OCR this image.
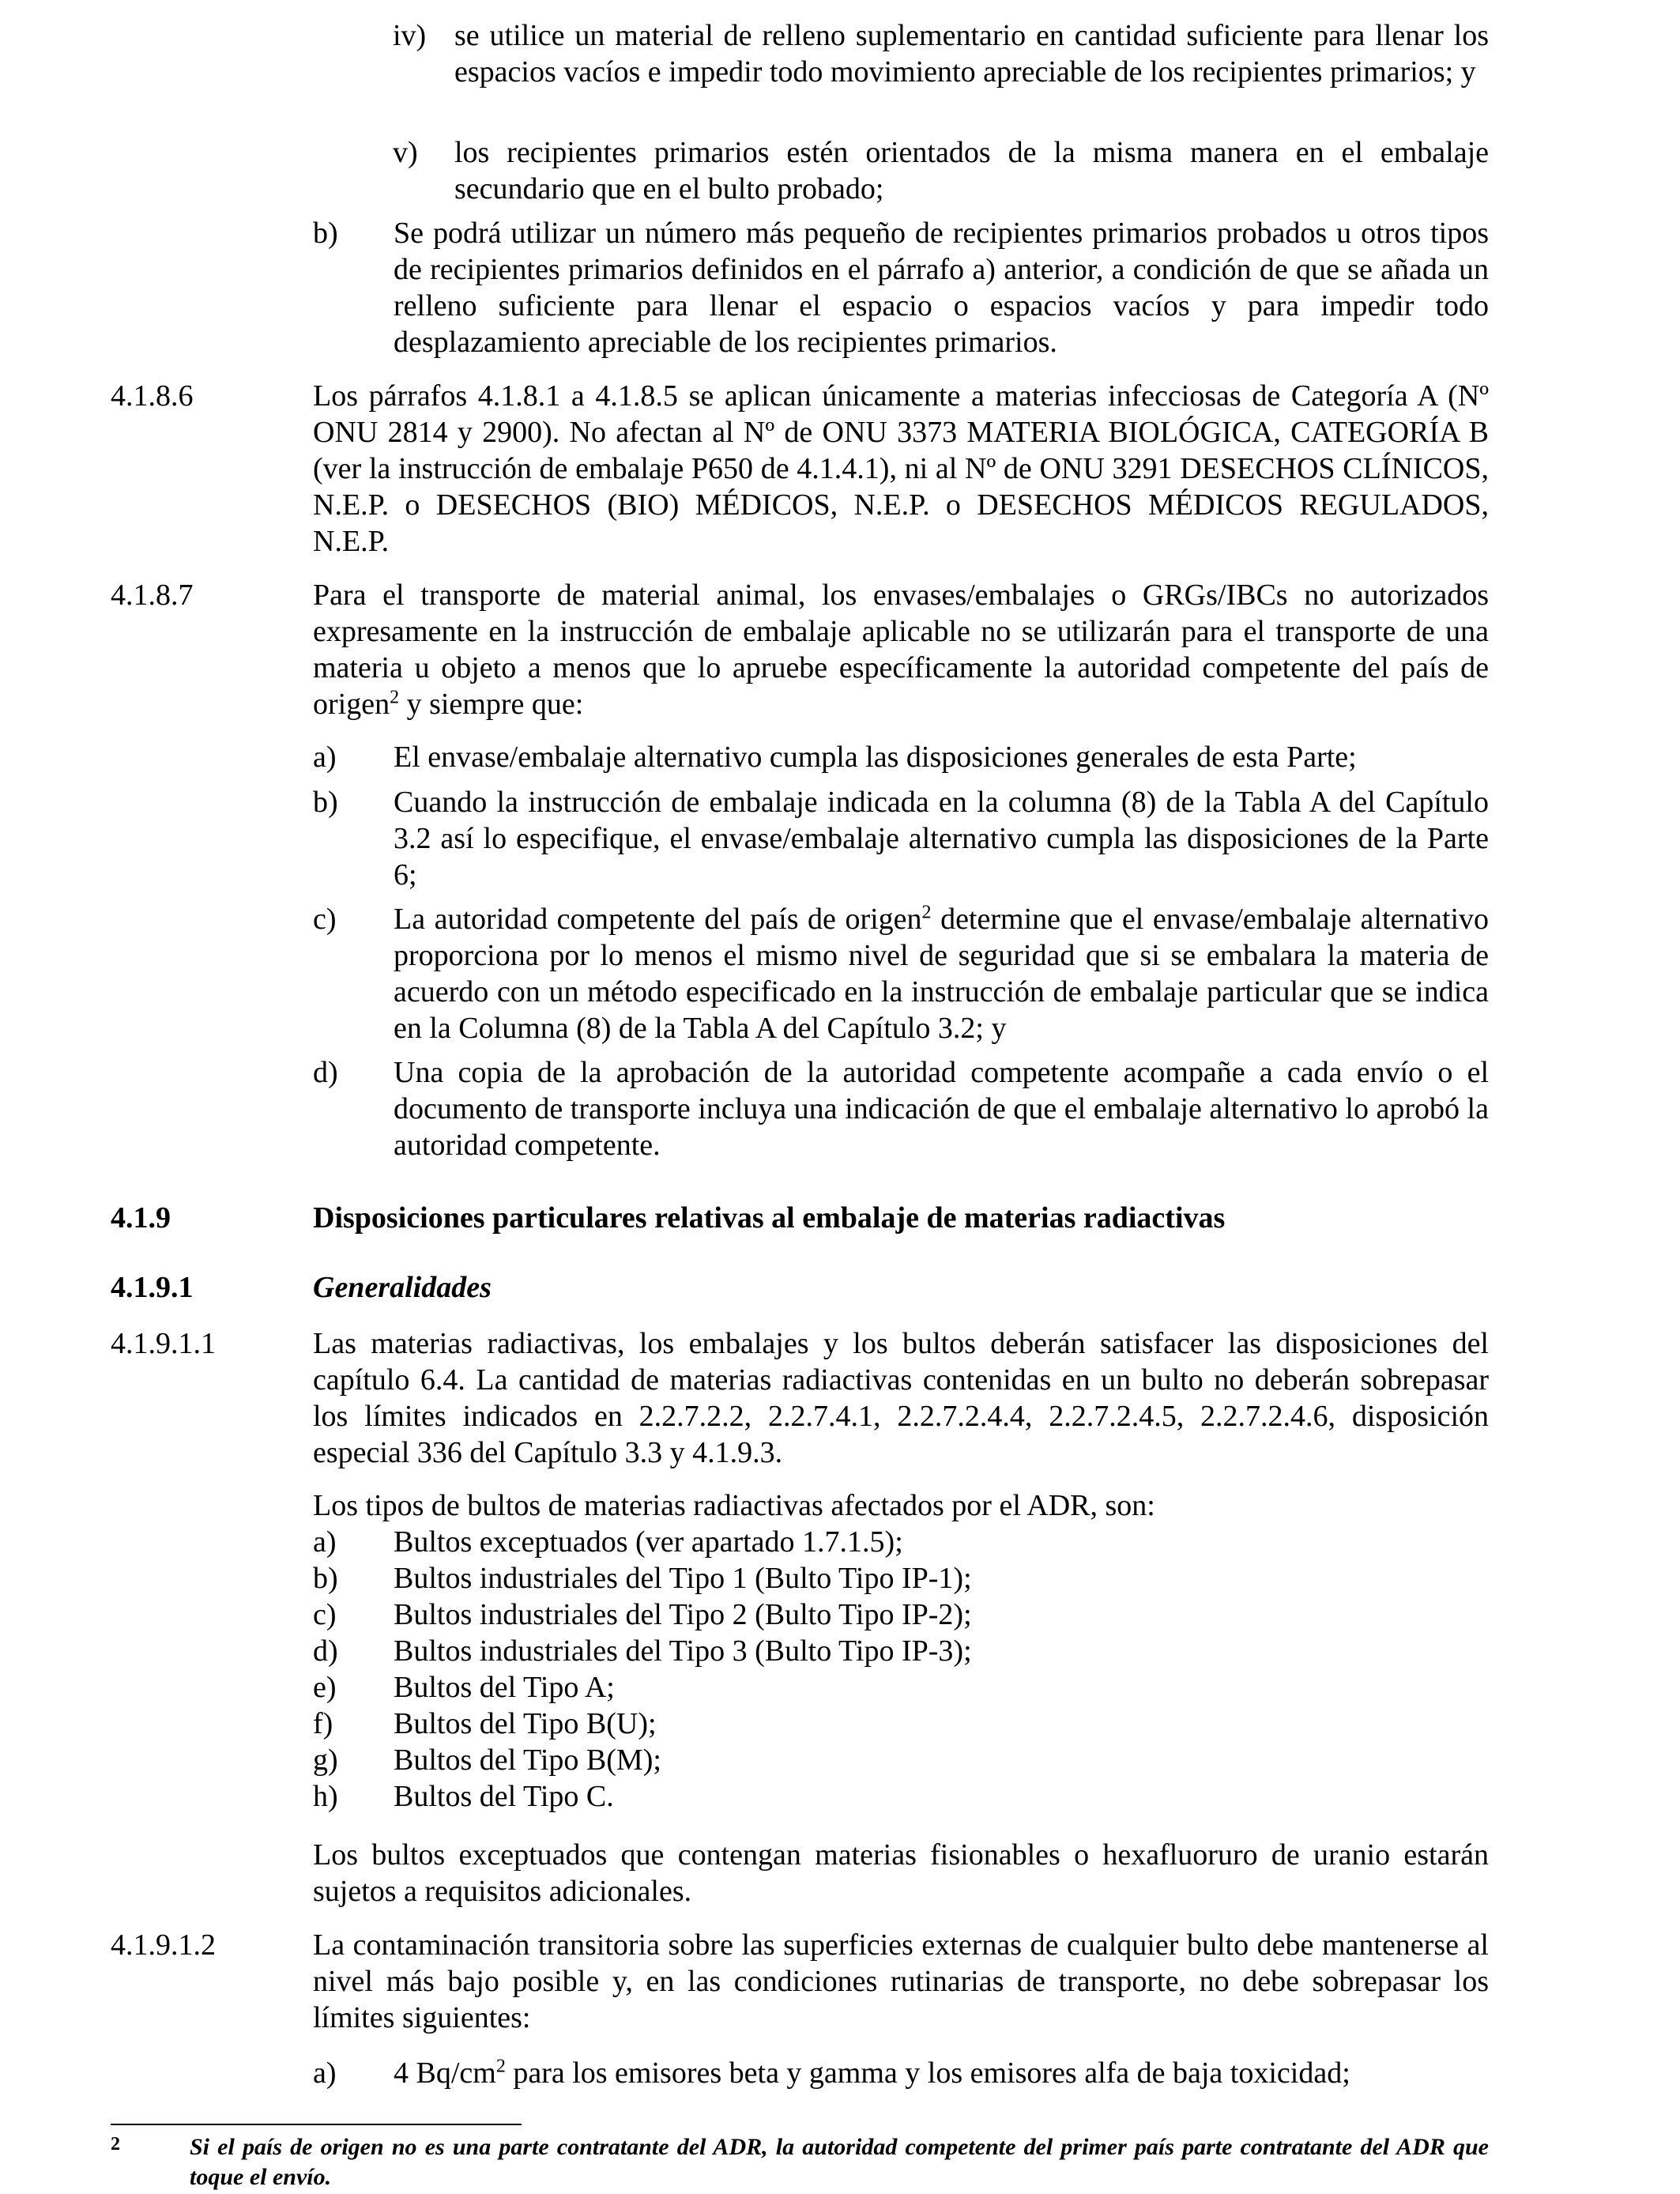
iv) se utilice un material de relleno suplementario en cantidad suficiente para llenar los espacios vacíos e impedir todo movimiento apreciable de los recipientes primarios; y
v)	los recipientes primarios estén orientados de la misma manera en el embalaje secundario que en el bulto probado;
b)	Se podrá utilizar un número más pequeño de recipientes primarios probados u otros tipos de recipientes primarios definidos en el párrafo a) anterior, a condición de que se añada un relleno suficiente para llenar el espacio o espacios vacíos y para impedir todo desplazamiento apreciable de los recipientes primarios.
4.1.8.6	Los párrafos 4.1.8.1 a 4.1.8.5 se aplican únicamente a materias infecciosas de Categoría A (Nº ONU 2814 y 2900). No afectan al Nº de ONU 3373 MATERIA BIOLÓGICA, CATEGORÍA B (ver la instrucción de embalaje P650 de 4.1.4.1), ni al Nº de ONU 3291 DESECHOS CLÍNICOS, N.E.P. o DESECHOS (BIO) MÉDICOS, N.E.P. o DESECHOS MÉDICOS REGULADOS, N.E.P.
4.1.8.7	Para el transporte de material animal, los envases/embalajes o GRGs/IBCs no autorizados expresamente en la instrucción de embalaje aplicable no se utilizarán para el transporte de una materia u objeto a menos que lo apruebe específicamente la autoridad competente del país de origen$^2$ y siempre que:
a)	El envase/embalaje alternativo cumpla las disposiciones generales de esta Parte;
b)	Cuando la instrucción de embalaje indicada en la columna (8) de la Tabla A del Capítulo 3.2 así lo especifique, el envase/embalaje alternativo cumpla las disposiciones de la Parte 6;
c)	La autoridad competente del país de origen$^2$ determine que el envase/embalaje alternativo proporciona por lo menos el mismo nivel de seguridad que si se embalara la materia de acuerdo con un método especificado en la instrucción de embalaje particular que se indica en la Columna (8) de la Tabla A del Capítulo 3.2; y
d)	Una copia de la aprobación de la autoridad competente acompañe a cada envío o el documento de transporte incluya una indicación de que el embalaje alternativo lo aprobó la autoridad competente.
4.1.9	Disposiciones particulares relativas al embalaje de materias radiactivas
4.1.9.1	Generalidades
4.1.9.1.1	Las materias radiactivas, los embalajes y los bultos deberán satisfacer las disposiciones del capítulo 6.4. La cantidad de materias radiactivas contenidas en un bulto no deberán sobrepasar los límites indicados en 2.2.7.2.2, 2.2.7.4.1, 2.2.7.2.4.4, 2.2.7.2.4.5, 2.2.7.2.4.6, disposición especial 336 del Capítulo 3.3 y 4.1.9.3.
Los tipos de bultos de materias radiactivas afectados por el ADR, son:
a)	Bultos exceptuados (ver apartado 1.7.1.5);
b)	Bultos industriales del Tipo 1 (Bulto Tipo IP-1);
c)	Bultos industriales del Tipo 2 (Bulto Tipo IP-2);
d)	Bultos industriales del Tipo 3 (Bulto Tipo IP-3);
e)	Bultos del Tipo A;
f)	Bultos del Tipo B(U);
g)	Bultos del Tipo B(M);
h)	Bultos del Tipo C.
Los bultos exceptuados que contengan materias fisionables o hexafluoruro de uranio estarán sujetos a requisitos adicionales.
4.1.9.1.2	La contaminación transitoria sobre las superficies externas de cualquier bulto debe mantenerse al nivel más bajo posible y, en las condiciones rutinarias de transporte, no debe sobrepasar los límites siguientes:
a)	4 $Bq/cm^2$ para los emisores beta y gamma y los emisores alfa de baja toxicidad;
2	Si el país de origen no es una parte contratante del ADR, la autoridad competente del primer país parte contratante del ADR que toque el envío.
